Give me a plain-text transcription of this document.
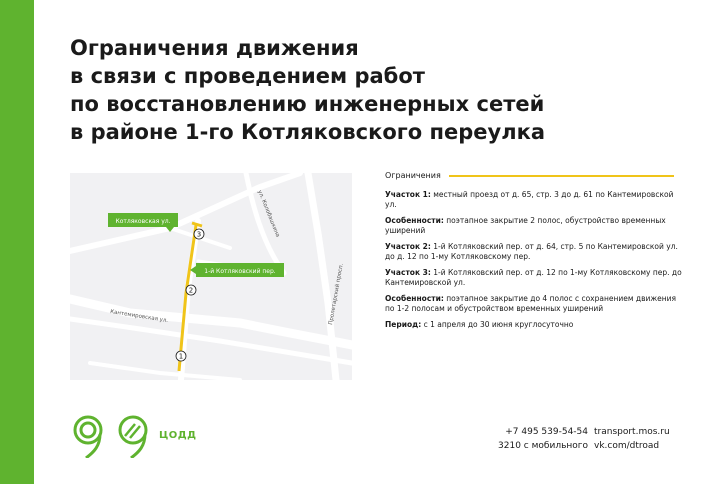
Ограничения движения
в связи с проведением работ
по восстановлению инженерных сетей
в районе 1-го Котляковского переулка
ул. Колобашкина
Кантемировская ул.	Пролетарский просп.
Котляковская ул.
1-й Котляковский пер.
3
2
1
Ограничения

Участок 1: местный проезд от д. 65, стр. 3 до д. 61 по Кантемировской ул.

Особенности: поэтапное закрытие 2 полос, обустройство временных уширений

Участок 2: 1-й Котляковский пер. от д. 64, стр. 5 по Кантемировской ул. до д. 12 по 1-му Котляковскому пер.

Участок 3: 1-й Котляковский пер. от д. 12 по 1-му Котляковскому пер. до Кантемировской ул.

Особенности: поэтапное закрытие до 4 полос с сохранением движения по 1-2 полосам и обустройством временных уширений

Период: с 1 апреля до 30 июня круглосуточно

ЦОДД	+7 495 539-54-54
3210 с мобильного
transport.mos.ru
vk.com/dtroad
